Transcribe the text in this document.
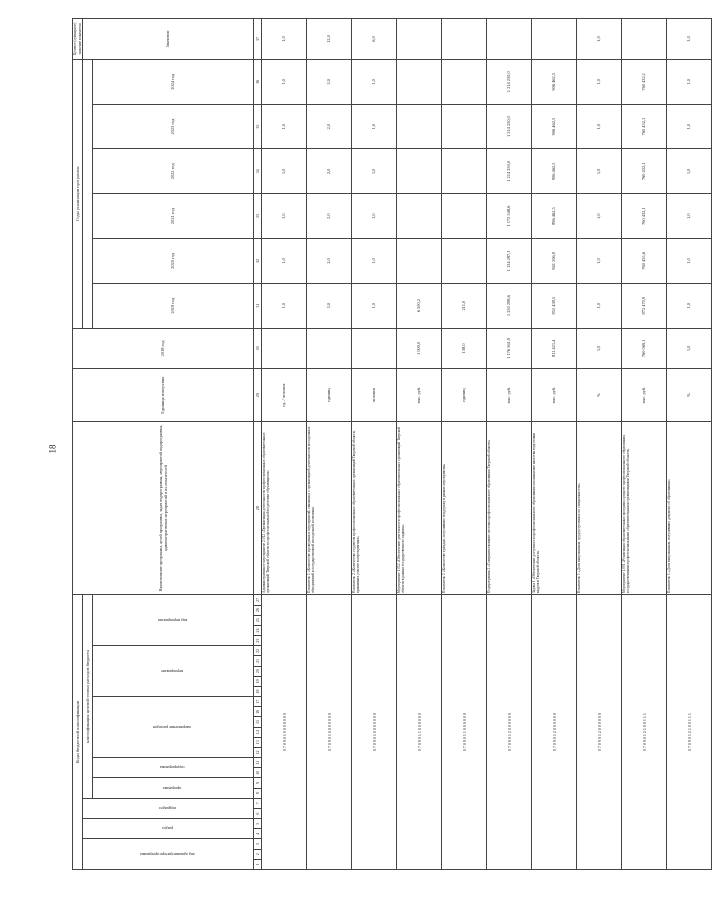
18
Коды бюджетной классификации																											Наименование программы, целей программы, задач подпрограммы, мероприятий подпрограммы, административных мероприятий и их показателей	Единица измерения	2018 год	Годы реализации программы						Целевое (суммарное) значение показателя
код администратора программы			раздел		подраздел		классификация целевой статьи расходов бюджета																													Значение
							программа		подпрограмма		направление расходов						мероприятие					вид мероприятия								2019 год	2020 год	2021 год	2022 год	2023 год	2024 год	
1	2	3	4	5	6	7	8	9	10	11	12	13	14	15	16	17	18	19	20	21	22	23	24	25	26	27	28	29	30	31	32	33	34	35	36	37
0 7 0 9 0 1 0 0 0 0 0 0 0																											Административное мероприятие 2.012 «Организация деятельности профессиональных образовательных организаций Тверской области по профессиональной подготовке обучающихся»	ед. / человек		1,0	1,0	1,0	1,0	1,0	1,0	1,0
0 7 0 9 0 1 0 0 0 0 0 0 0																											Показатель 1 «Количество проведенных мероприятий, связанных с организацией деятельности молодежных объединений и государственной молодежной политики»	единиц		2,0	2,0	2,0	2,0	2,0	2,0	12,0
0 7 0 9 0 1 0 0 0 0 0 0 0																											Показатель 2 «Количество студентов профессиональных образовательных организаций Тверской области, принявших участие в мероприятиях»	человек		1,0	1,0	1,0	1,0	1,0	1,0	6,0
0 7 0 9 0 1 1 0 0 0 0 0 0																											Мероприятие 1.012 «Обеспечение деятельности профессиональных образовательных организаций Тверской области в рамках государственного задания»	тыс. руб.	1 000,0	6 500,2						
0 7 0 9 0 1 1 0 0 0 0 0 0																											Показатель 1 «Количество граждан, получивших поддержку в рамках мероприятия»	единиц	138,0	211,0						
0 7 0 9 0 1 2 0 0 0 0 0 0																											Подпрограмма 2 «Совершенствование системы профессионального образования Тверской области»	тыс. руб.	1 176 561,9	1 250 298,6	1 134 287,1	1 172 548,6	1 214 250,0	1 214 250,0	1 214 250,0	
0 7 0 9 0 1 2 0 0 0 0 0 0																											Задача 1 «Обеспечение доступности профессионального образования и повышение качества подготовки кадров в Тверской области»	тыс. руб.	811 421,4	855 438,5	841 506,9	896 462,5	906 462,5	906 462,5	906 462,5	
0 7 0 9 0 1 2 0 0 0 0 0 0																											Показатель 1 «Доля выпускников, трудоустроенных по специальности»	%	1,0	1,0	1,0	1,0	1,0	1,0	1,0	1,0
0 7 0 9 0 1 2 1 0 0 1 1 1																											Мероприятие 1.001 «Реализация образовательных программ среднего профессионального образования государственными профессиональными образовательными организациями Тверской области»	тыс. руб.	760 069,1	872 470,9	760 455,6	760 432,1	760 432,1	760 432,1	760 432,1	
0 7 0 9 0 1 2 1 0 0 1 1 1																											Показатель 1 «Доля выпускников, получивших документ об образовании»	%	1,0	1,0	1,0	1,0	1,0	1,0	1,0	1,0
